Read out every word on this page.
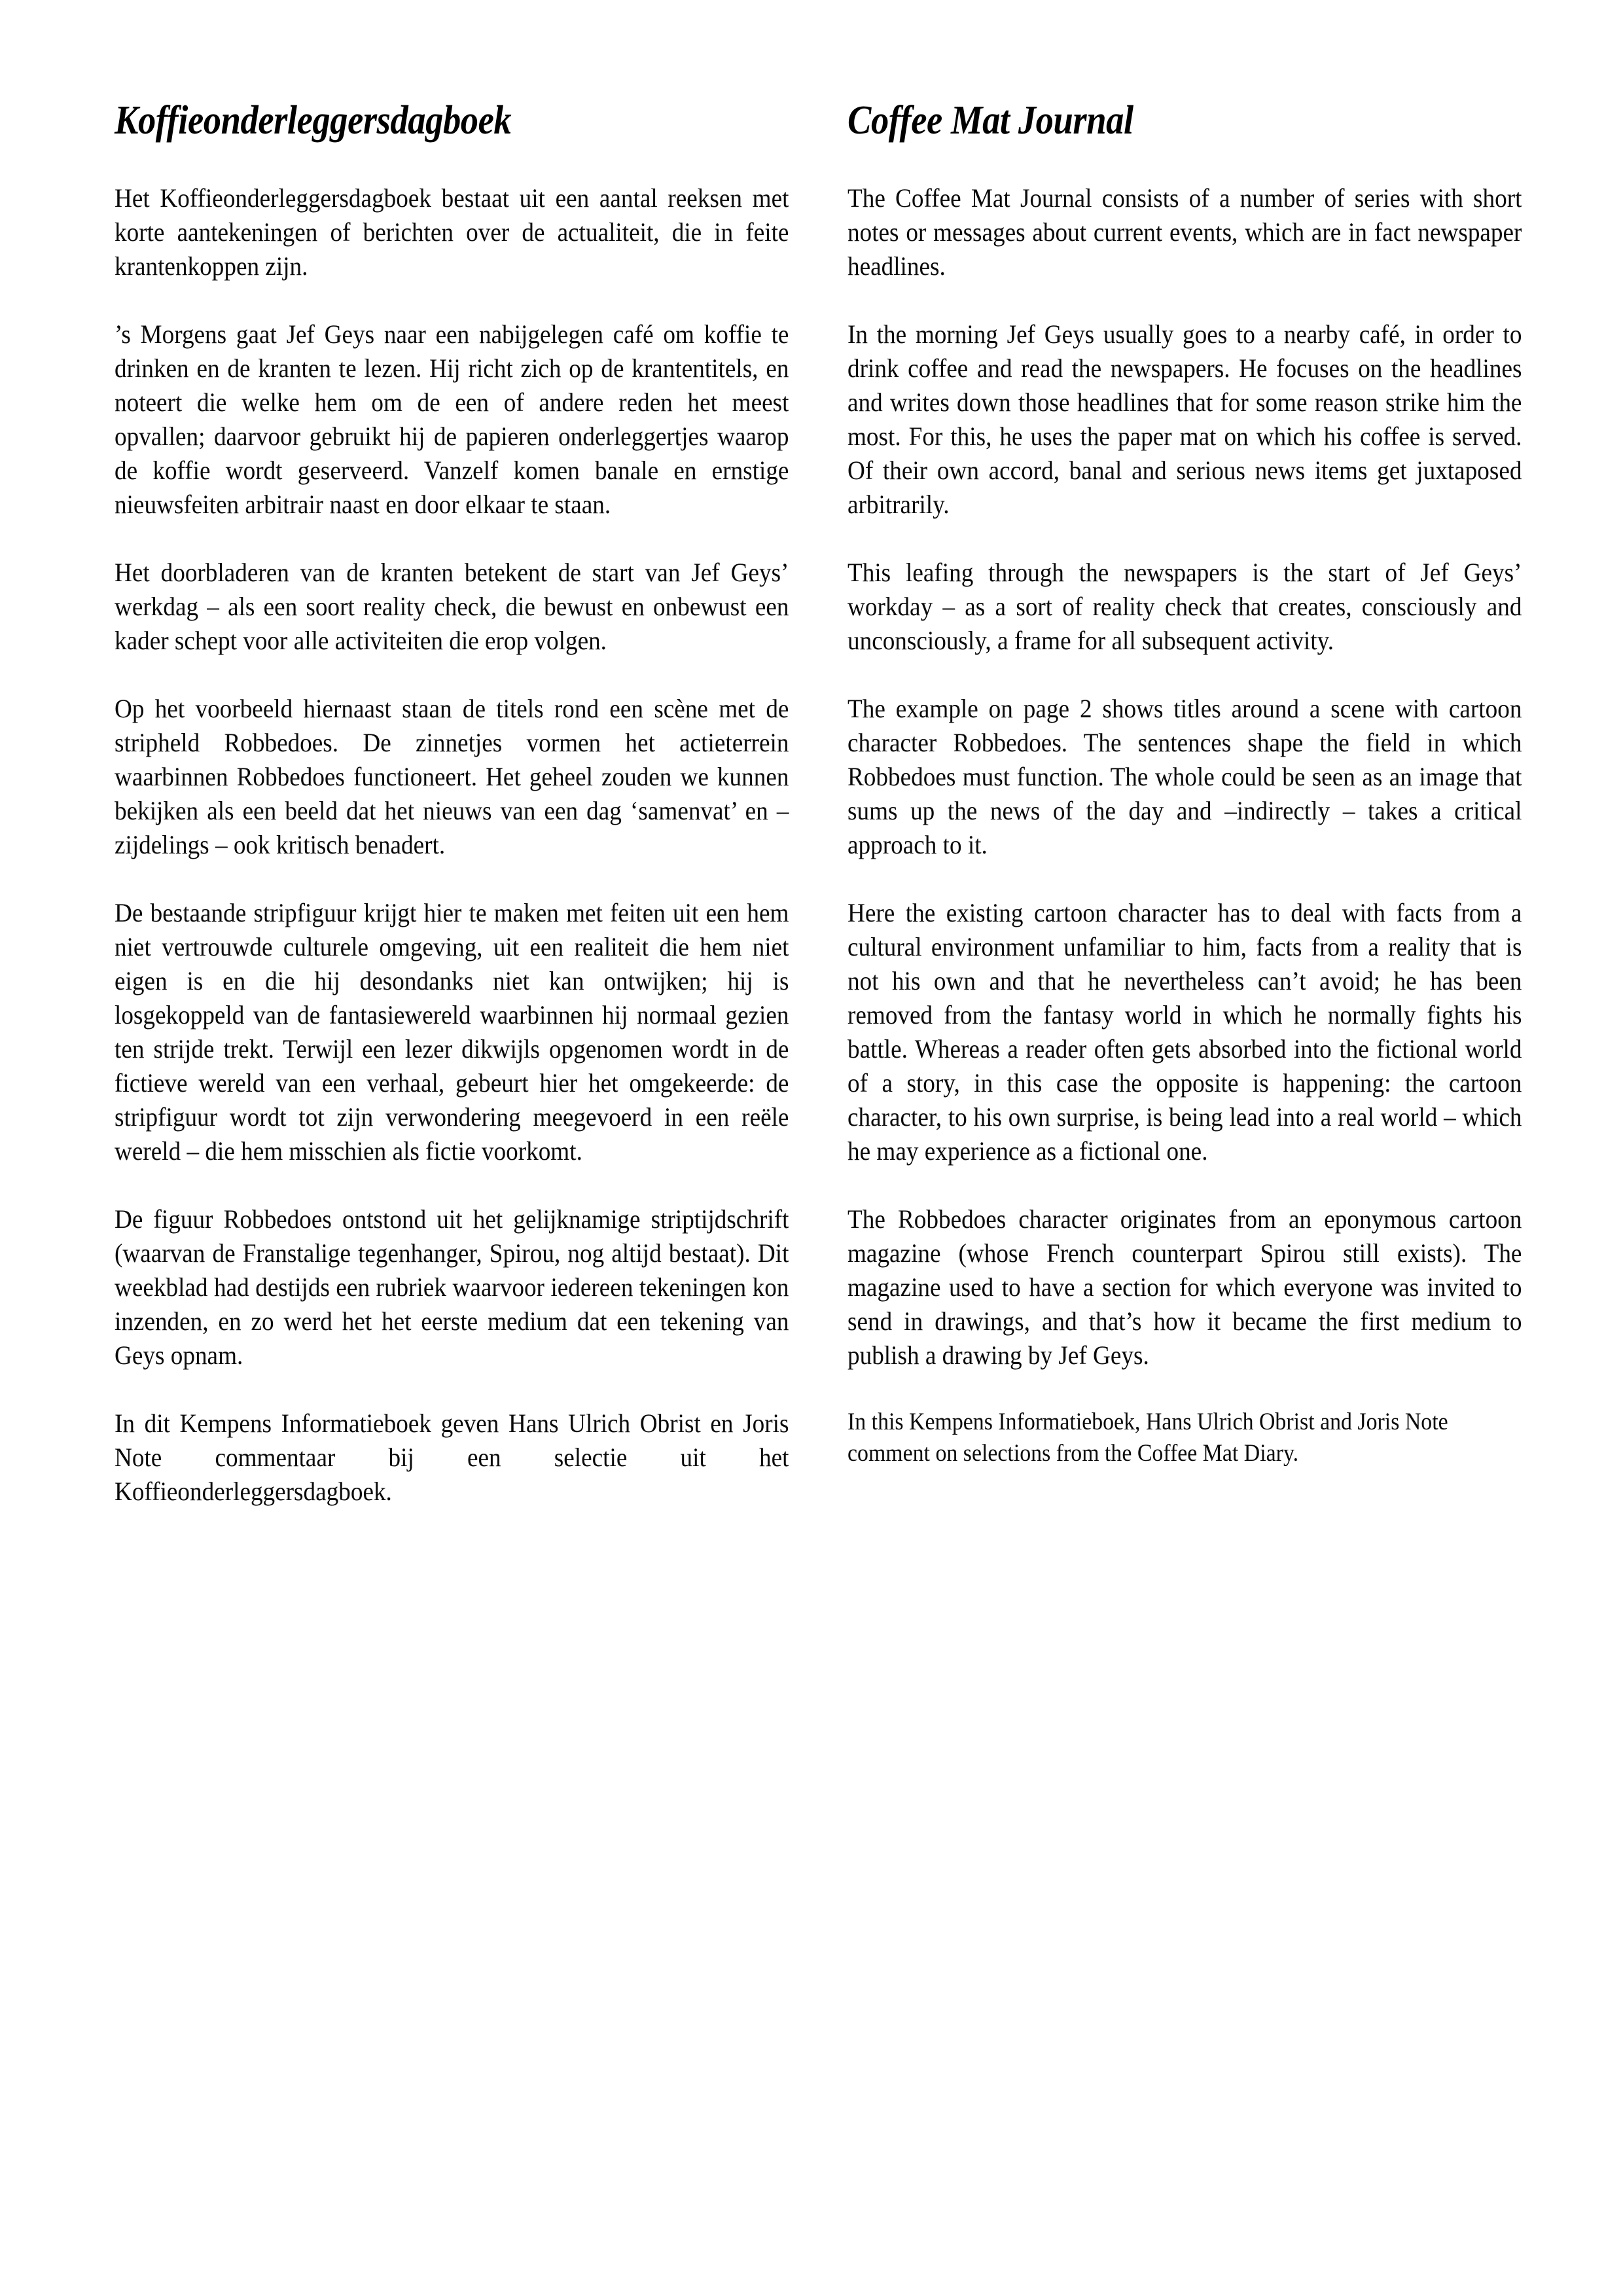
Koffieonderleggersdagboek

Het Koffieonderleggersdagboek bestaat uit een aantal reeksen met korte aantekeningen of berichten over de actualiteit, die in feite krantenkoppen zijn.

’s Morgens gaat Jef Geys naar een nabijgelegen café om koffie te drinken en de kranten te lezen. Hij richt zich op de krantentitels, en noteert die welke hem om de een of andere reden het meest opvallen; daarvoor gebruikt hij de papieren onderleggertjes waarop de koffie wordt geserveerd. Vanzelf komen banale en ernstige nieuwsfeiten arbitrair naast en door elkaar te staan.

Het doorbladeren van de kranten betekent de start van Jef Geys’ werkdag – als een soort reality check, die bewust en onbewust een kader schept voor alle activiteiten die erop volgen.

Op het voorbeeld hiernaast staan de titels rond een scène met de stripheld Robbedoes. De zinnetjes vormen het actieterrein waarbinnen Robbedoes functioneert. Het geheel zouden we kunnen bekijken als een beeld dat het nieuws van een dag ‘samenvat’ en – zijdelings – ook kritisch benadert.

De bestaande stripfiguur krijgt hier te maken met feiten uit een hem niet vertrouwde culturele omgeving, uit een realiteit die hem niet eigen is en die hij desondanks niet kan ontwijken; hij is losgekoppeld van de fantasiewereld waarbinnen hij normaal gezien ten strijde trekt. Terwijl een lezer dikwijls opgenomen wordt in de fictieve wereld van een verhaal, gebeurt hier het omgekeerde: de stripfiguur wordt tot zijn verwondering meegevoerd in een reële wereld – die hem misschien als fictie voorkomt.

De figuur Robbedoes ontstond uit het gelijknamige striptijdschrift (waarvan de Franstalige tegenhanger, Spirou, nog altijd bestaat). Dit weekblad had destijds een rubriek waarvoor iedereen tekeningen kon inzenden, en zo werd het het eerste medium dat een tekening van Geys opnam.

In dit Kempens Informatieboek geven Hans Ulrich Obrist en Joris Note commentaar bij een selectie uit het Koffieonderleggersdagboek.

Coffee Mat Journal

The Coffee Mat Journal consists of a number of series with short notes or messages about current events, which are in fact newspaper headlines.

In the morning Jef Geys usually goes to a nearby café, in order to drink coffee and read the newspapers. He focuses on the headlines and writes down those headlines that for some reason strike him the most. For this, he uses the paper mat on which his coffee is served. Of their own accord, banal and serious news items get juxtaposed arbitrarily.

This leafing through the newspapers is the start of Jef Geys’ workday – as a sort of reality check that creates, consciously and unconsciously, a frame for all subsequent activity.

The example on page 2 shows titles around a scene with cartoon character Robbedoes. The sentences shape the field in which Robbedoes must function. The whole could be seen as an image that sums up the news of the day and –indirectly – takes a critical approach to it.

Here the existing cartoon character has to deal with facts from a cultural environment unfamiliar to him, facts from a reality that is not his own and that he nevertheless can’t avoid; he has been removed from the fantasy world in which he normally fights his battle. Whereas a reader often gets absorbed into the fictional world of a story, in this case the opposite is happening: the cartoon character, to his own surprise, is being lead into a real world – which he may experience as a fictional one.

The Robbedoes character originates from an eponymous cartoon magazine (whose French counterpart Spirou still exists). The magazine used to have a section for which everyone was invited to send in drawings, and that’s how it became the first medium to publish a drawing by Jef Geys.

In this Kempens Informatieboek, Hans Ulrich Obrist and Joris Note comment on selections from the Coffee Mat Diary.
